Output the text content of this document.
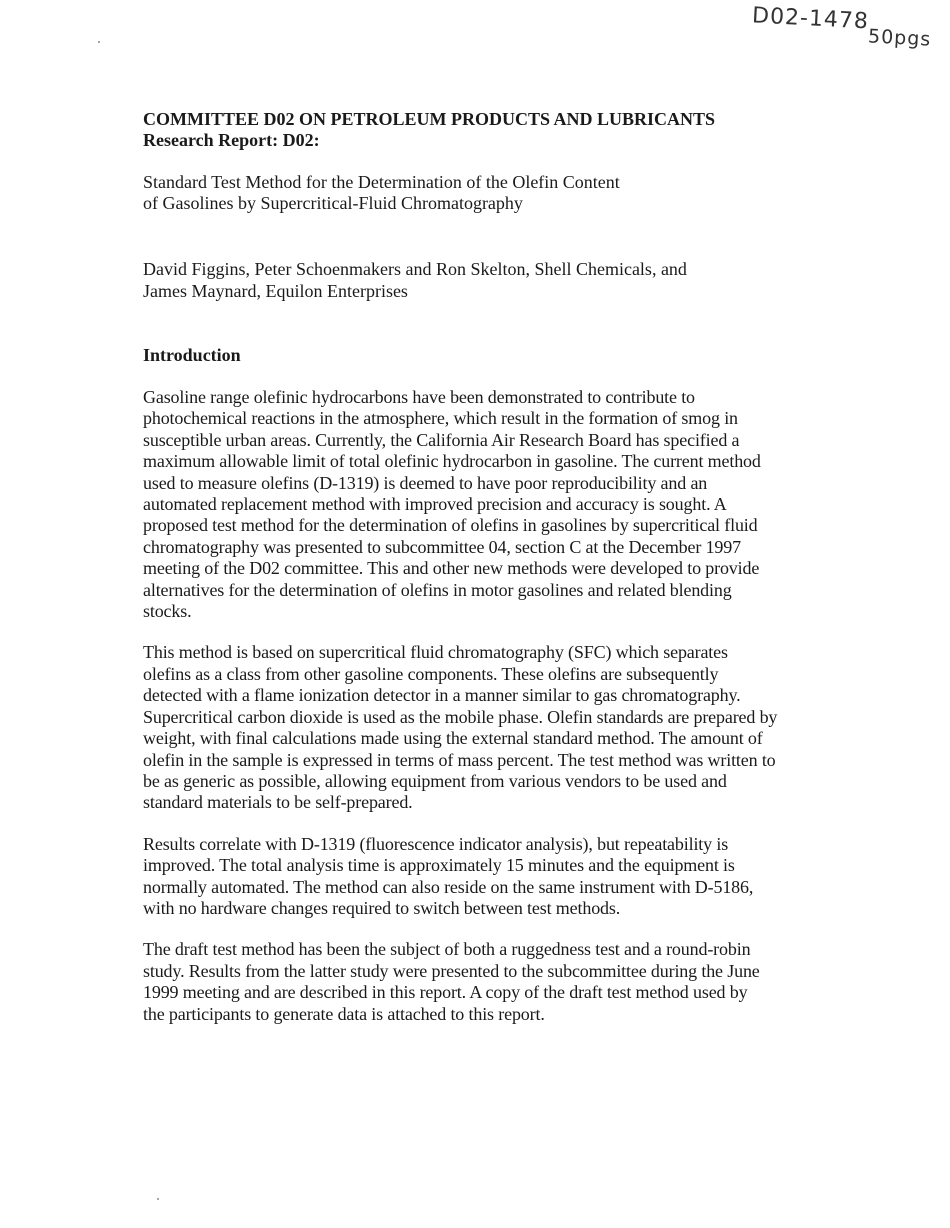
D02-147850pgs
COMMITTEE D02 ON PETROLEUM PRODUCTS AND LUBRICANTS

Research Report: D02:

Standard Test Method for the Determination of the Olefin Content
of Gasolines by Supercritical-Fluid Chromatography
David Figgins, Peter Schoenmakers and Ron Skelton, Shell Chemicals, and
James Maynard, Equilon Enterprises
Introduction

Gasoline range olefinic hydrocarbons have been demonstrated to contribute to
photochemical reactions in the atmosphere, which result in the formation of smog in
susceptible urban areas. Currently, the California Air Research Board has specified a
maximum allowable limit of total olefinic hydrocarbon in gasoline. The current method
used to measure olefins (D-1319) is deemed to have poor reproducibility and an
automated replacement method with improved precision and accuracy is sought. A
proposed test method for the determination of olefins in gasolines by supercritical fluid
chromatography was presented to subcommittee 04, section C at the December 1997
meeting of the D02 committee. This and other new methods were developed to provide
alternatives for the determination of olefins in motor gasolines and related blending
stocks.

This method is based on supercritical fluid chromatography (SFC) which separates
olefins as a class from other gasoline components. These olefins are subsequently
detected with a flame ionization detector in a manner similar to gas chromatography.
Supercritical carbon dioxide is used as the mobile phase. Olefin standards are prepared by
weight, with final calculations made using the external standard method. The amount of
olefin in the sample is expressed in terms of mass percent. The test method was written to
be as generic as possible, allowing equipment from various vendors to be used and
standard materials to be self-prepared.

Results correlate with D-1319 (fluorescence indicator analysis), but repeatability is
improved. The total analysis time is approximately 15 minutes and the equipment is
normally automated. The method can also reside on the same instrument with D-5186,
with no hardware changes required to switch between test methods.

The draft test method has been the subject of both a ruggedness test and a round-robin
study. Results from the latter study were presented to the subcommittee during the June
1999 meeting and are described in this report. A copy of the draft test method used by
the participants to generate data is attached to this report.
